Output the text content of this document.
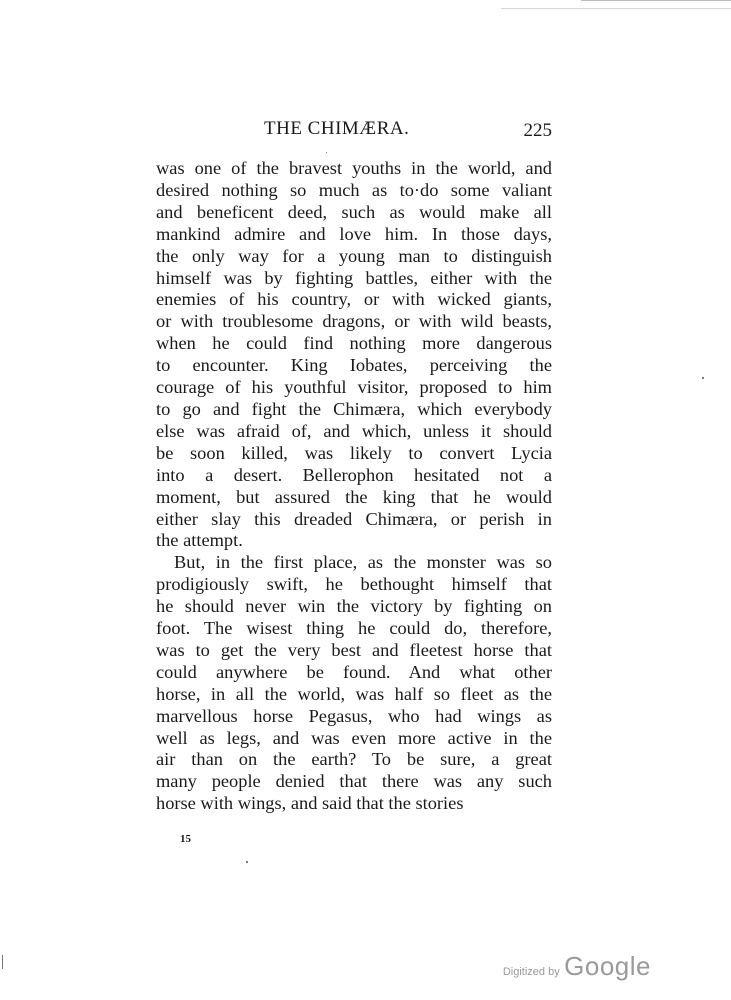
THE CHIMÆRA.	225
was one of the bravest youths in the world, and
desired nothing so much as to·do some valiant
and beneficent deed, such as would make all
mankind admire and love him. In those days,
the only way for a young man to distinguish
himself was by fighting battles, either with the
enemies of his country, or with wicked giants,
or with troublesome dragons, or with wild beasts,
when he could find nothing more dangerous
to encounter. King Iobates, perceiving the
courage of his youthful visitor, proposed to him
to go and fight the Chimæra, which everybody
else was afraid of, and which, unless it should
be soon killed, was likely to convert Lycia
into a desert. Bellerophon hesitated not a
moment, but assured the king that he would
either slay this dreaded Chimæra, or perish in
the attempt.
But, in the first place, as the monster was so
prodigiously swift, he bethought himself that
he should never win the victory by fighting on
foot. The wisest thing he could do, therefore,
was to get the very best and fleetest horse that
could anywhere be found. And what other
horse, in all the world, was half so fleet as the
marvellous horse Pegasus, who had wings as
well as legs, and was even more active in the
air than on the earth? To be sure, a great
many people denied that there was any such
horse with wings, and said that the stories
15
Digitized by Google
